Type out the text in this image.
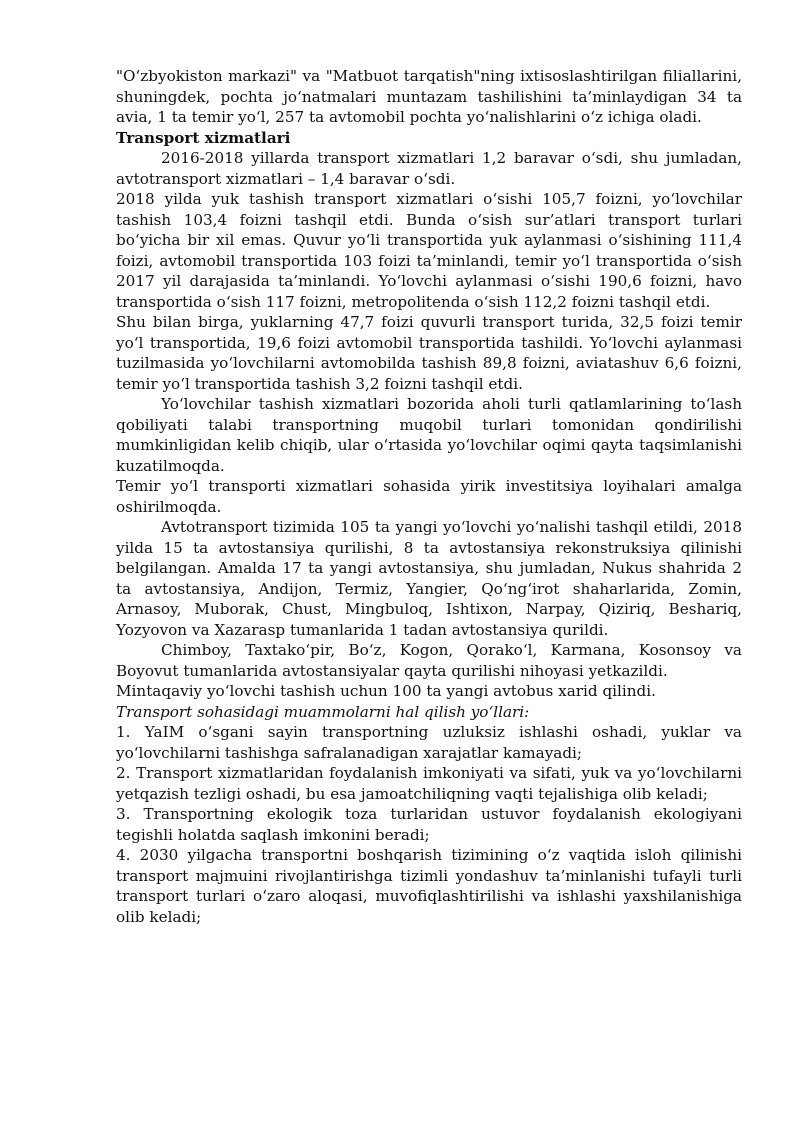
"O‘zbyokiston markazi" va "Matbuot tarqatish"ning ixtisoslashtirilgan filiallarini, shuningdek, pochta jo‘natmalari muntazam tashilishini ta’minlaydigan 34 ta avia, 1 ta temir yo‘l, 257 ta avtomobil pochta yo‘nalishlarini o‘z ichiga oladi.

Transport xizmatlari

2016-2018 yillarda transport xizmatlari 1,2 baravar o‘sdi, shu jumladan, avtotransport xizmatlari – 1,4 baravar o‘sdi.

2018 yilda yuk tashish transport xizmatlari o‘sishi 105,7 foizni, yo‘lovchilar tashish 103,4 foizni tashqil etdi. Bunda o‘sish sur’atlari transport turlari bo‘yicha bir xil emas. Quvur yo‘li transportida yuk aylanmasi o‘sishining 111,4 foizi, avtomobil transportida 103 foizi ta’minlandi, temir yo‘l transportida o‘sish 2017 yil darajasida ta’minlandi. Yo‘lovchi aylanmasi o‘sishi 190,6 foizni, havo transportida o‘sish 117 foizni, metropolitenda o‘sish 112,2 foizni tashqil etdi.

Shu bilan birga, yuklarning 47,7 foizi quvurli transport turida, 32,5 foizi temir yo‘l transportida, 19,6 foizi avtomobil transportida tashildi. Yo‘lovchi aylanmasi tuzilmasida yo‘lovchilarni avtomobilda tashish 89,8 foizni, aviatashuv 6,6 foizni, temir yo‘l transportida tashish 3,2 foizni tashqil etdi.

Yo‘lovchilar tashish xizmatlari bozorida aholi turli qatlamlarining to‘lash qobiliyati talabi transportning muqobil turlari tomonidan qondirilishi mumkinligidan kelib chiqib, ular o‘rtasida yo‘lovchilar oqimi qayta taqsimlanishi kuzatilmoqda.

Temir yo‘l transporti xizmatlari sohasida yirik investitsiya loyihalari amalga oshirilmoqda.

Avtotransport tizimida 105 ta yangi yo‘lovchi yo‘nalishi tashqil etildi, 2018 yilda 15 ta avtostansiya qurilishi, 8 ta avtostansiya rekonstruksiya qilinishi belgilangan. Amalda 17 ta yangi avtostansiya, shu jumladan, Nukus shahrida 2 ta avtostansiya, Andijon, Termiz, Yangier, Qo‘ng‘irot shaharlarida, Zomin, Arnasoy, Muborak, Chust, Mingbuloq, Ishtixon, Narpay, Qiziriq, Beshariq, Yozyovon va Xazarasp tumanlarida 1 tadan avtostansiya qurildi.

Chimboy, Taxtako‘pir, Bo‘z, Kogon, Qorako‘l, Karmana, Kosonsoy va Boyovut tumanlarida avtostansiyalar qayta qurilishi nihoyasi yetkazildi.

Mintaqaviy yo‘lovchi tashish uchun 100 ta yangi avtobus xarid qilindi.

Transport sohasidagi muammolarni hal qilish yo‘llari:

1. YaIM o‘sgani sayin transportning uzluksiz ishlashi oshadi, yuklar va yo‘lovchilarni tashishga safralanadigan xarajatlar kamayadi;

2. Transport xizmatlaridan foydalanish imkoniyati va sifati, yuk va yo‘lovchilarni yetqazish tezligi oshadi, bu esa jamoatchiliqning vaqti tejalishiga olib keladi;

3. Transportning ekologik toza turlaridan ustuvor foydalanish ekologiyani tegishli holatda saqlash imkonini beradi;

4. 2030 yilgacha transportni boshqarish tizimining o‘z vaqtida isloh qilinishi transport majmuini rivojlantirishga tizimli yondashuv ta’minlanishi tufayli turli transport turlari o‘zaro aloqasi, muvofiqlashtirilishi va ishlashi yaxshilanishiga olib keladi;
